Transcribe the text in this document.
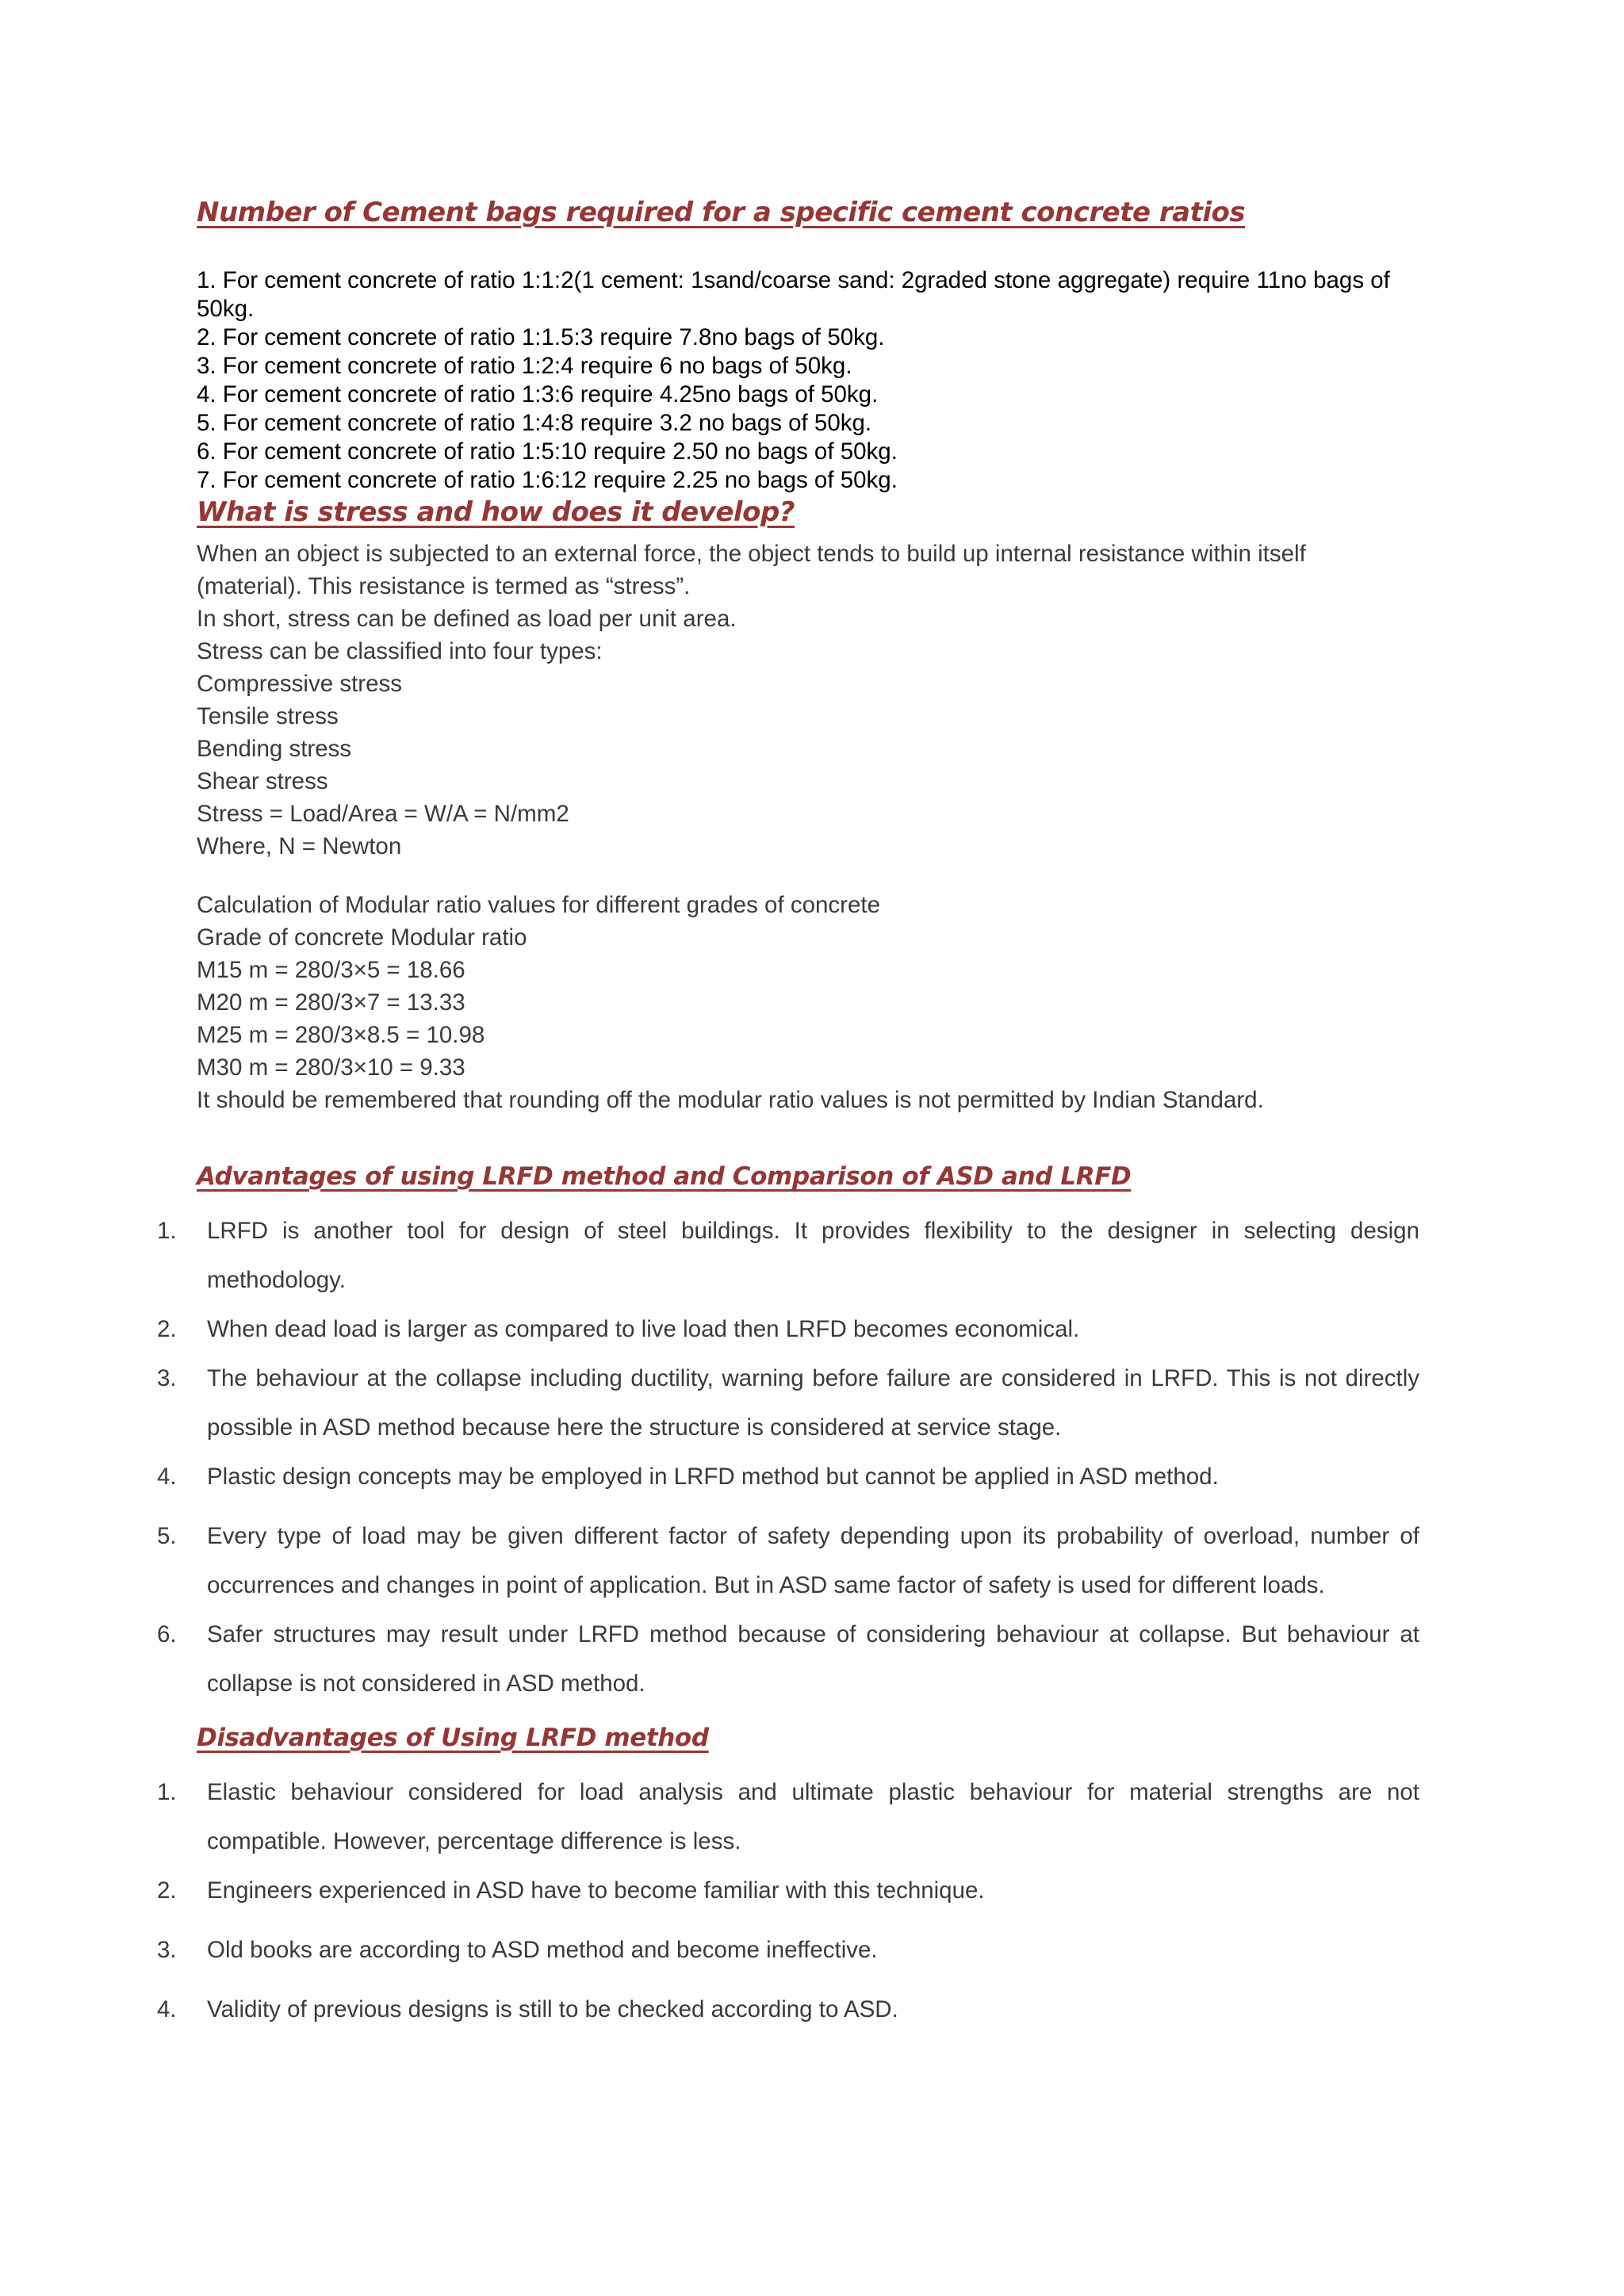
Number of Cement bags required for a specific cement concrete ratios
1. For cement concrete of ratio 1:1:2(1 cement: 1sand/coarse sand: 2graded stone aggregate) require 11no bags of 50kg.
2. For cement concrete of ratio 1:1.5:3 require 7.8no bags of 50kg.
3. For cement concrete of ratio 1:2:4 require 6 no bags of 50kg.
4. For cement concrete of ratio 1:3:6 require 4.25no bags of 50kg.
5. For cement concrete of ratio 1:4:8 require 3.2 no bags of 50kg.
6. For cement concrete of ratio 1:5:10 require 2.50 no bags of 50kg.
7. For cement concrete of ratio 1:6:12 require 2.25 no bags of 50kg.
What is stress and how does it develop?
When an object is subjected to an external force, the object tends to build up internal resistance within itself
(material). This resistance is termed as “stress”.
In short, stress can be defined as load per unit area.
Stress can be classified into four types:
Compressive stress
Tensile stress
Bending stress
Shear stress
Stress = Load/Area = W/A = N/mm2
Where, N = Newton
Calculation of Modular ratio values for different grades of concrete
Grade of concrete Modular ratio
M15 m = 280/3×5 = 18.66
M20 m = 280/3×7 = 13.33
M25 m = 280/3×8.5 = 10.98
M30 m = 280/3×10 = 9.33
It should be remembered that rounding off the modular ratio values is not permitted by Indian Standard.
Advantages of using LRFD method and Comparison of ASD and LRFD
1. LRFD is another tool for design of steel buildings. It provides flexibility to the designer in selecting design methodology.
2. When dead load is larger as compared to live load then LRFD becomes economical.
3. The behaviour at the collapse including ductility, warning before failure are considered in LRFD. This is not directly possible in ASD method because here the structure is considered at service stage.
4. Plastic design concepts may be employed in LRFD method but cannot be applied in ASD method.
5. Every type of load may be given different factor of safety depending upon its probability of overload, number of occurrences and changes in point of application. But in ASD same factor of safety is used for different loads.
6. Safer structures may result under LRFD method because of considering behaviour at collapse. But behaviour at collapse is not considered in ASD method.
Disadvantages of Using LRFD method
1. Elastic behaviour considered for load analysis and ultimate plastic behaviour for material strengths are not compatible. However, percentage difference is less.
2. Engineers experienced in ASD have to become familiar with this technique.
3. Old books are according to ASD method and become ineffective.
4. Validity of previous designs is still to be checked according to ASD.
